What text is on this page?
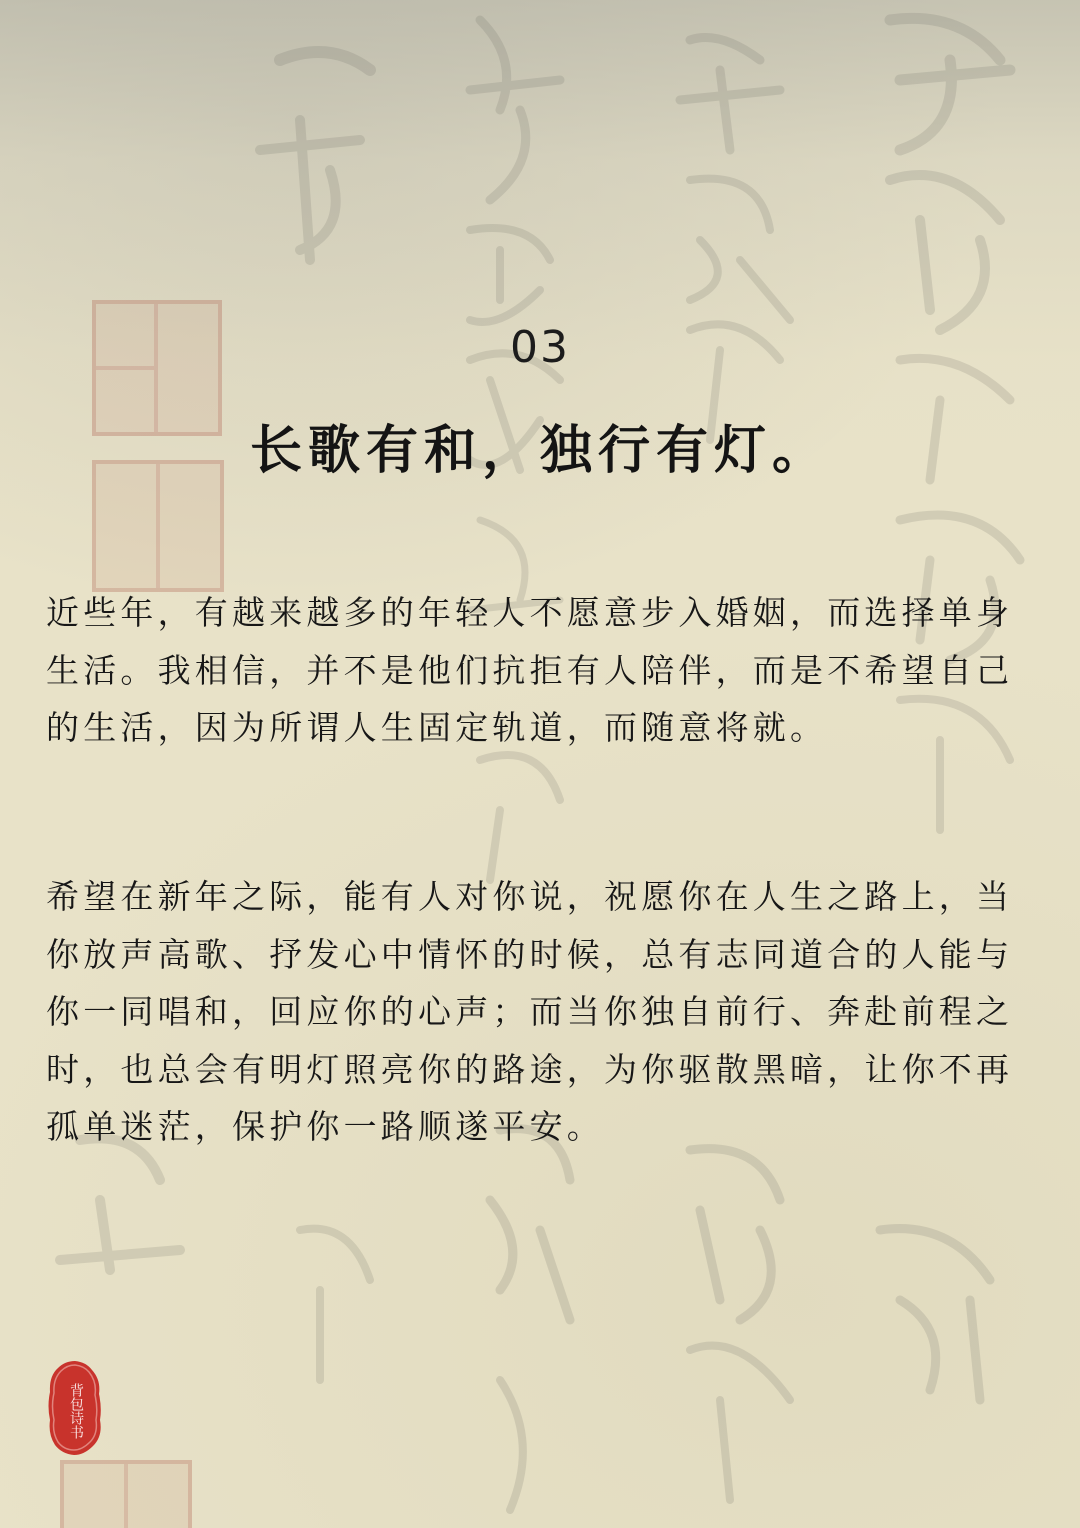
03
长歌有和，独行有灯。

近些年，有越来越多的年轻人不愿意步入婚姻，而选择单身生活。我相信，并不是他们抗拒有人陪伴，而是不希望自己的生活，因为所谓人生固定轨道，而随意将就。

希望在新年之际，能有人对你说，祝愿你在人生之路上，当你放声高歌、抒发心中情怀的时候，总有志同道合的人能与你一同唱和，回应你的心声；而当你独自前行、奔赴前程之时，也总会有明灯照亮你的路途，为你驱散黑暗，让你不再孤单迷茫，保护你一路顺遂平安。

背包诗书
